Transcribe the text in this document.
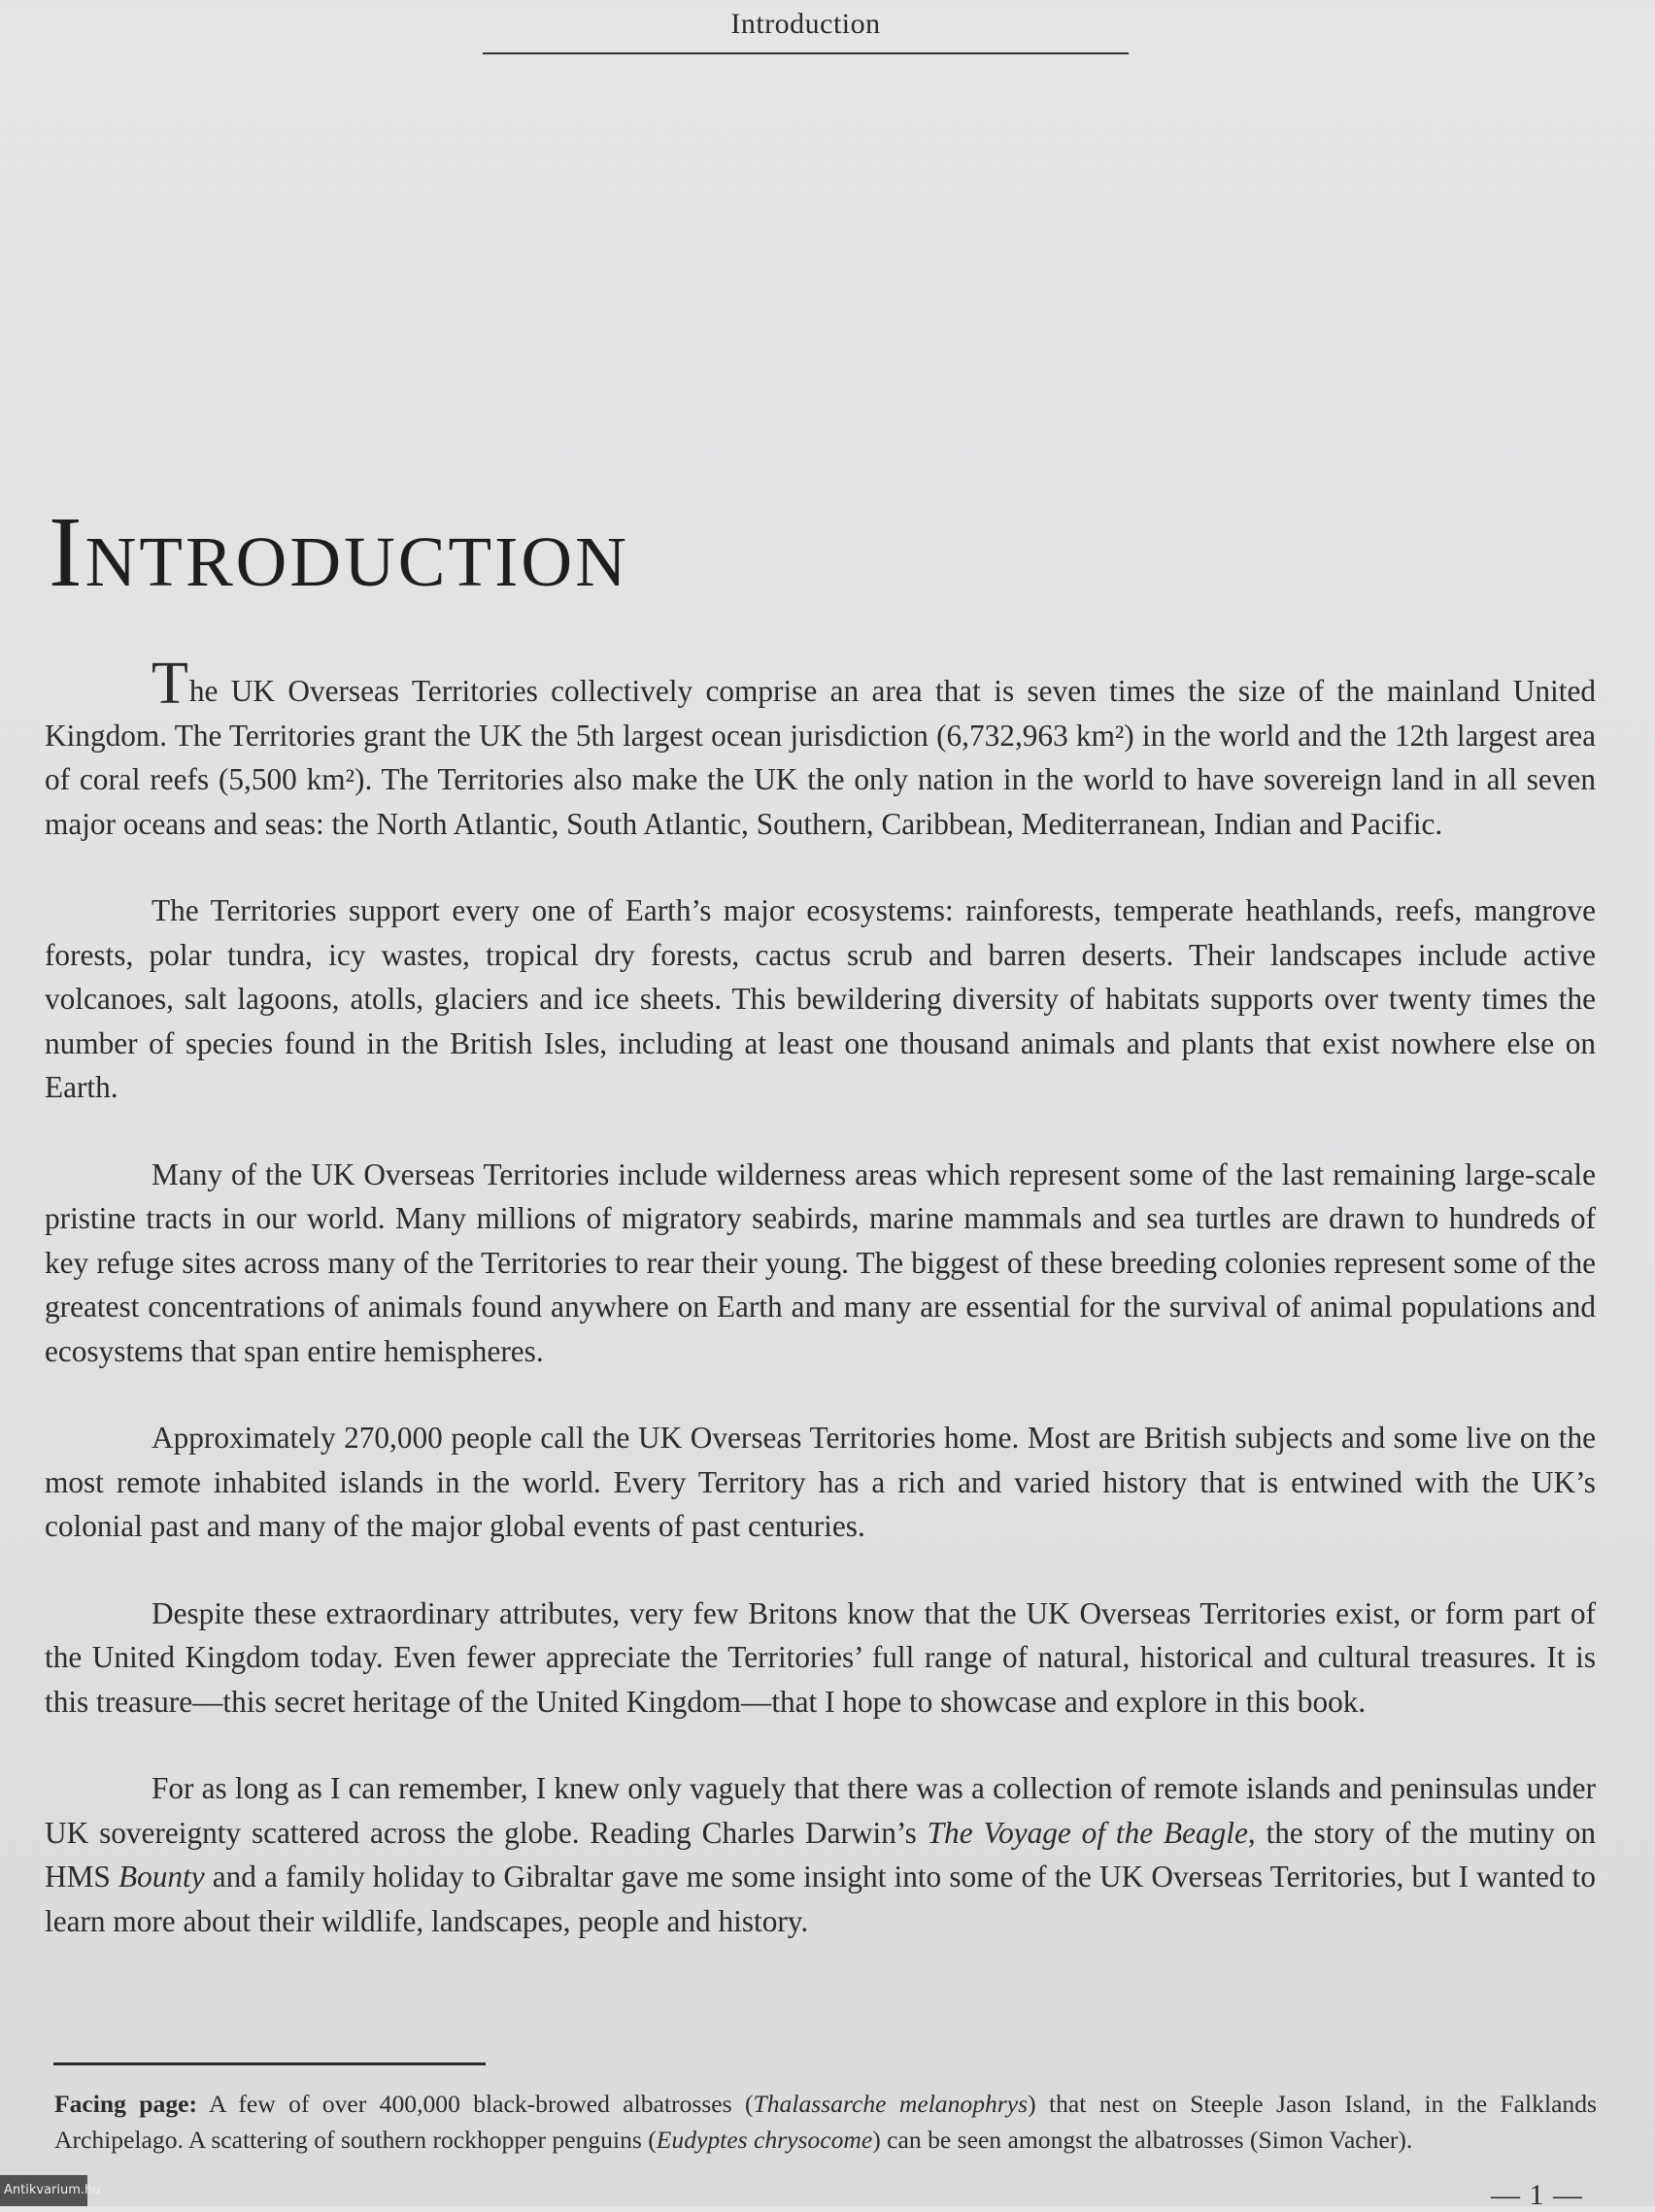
Introduction
Introduction

The UK Overseas Territories collectively comprise an area that is seven times the size of the mainland United Kingdom. The Territories grant the UK the 5th largest ocean jurisdiction (6,732,963 km²) in the world and the 12th largest area of coral reefs (5,500 km²). The Territories also make the UK the only nation in the world to have sovereign land in all seven major oceans and seas: the North Atlantic, South Atlantic, Southern, Caribbean, Mediterranean, Indian and Pacific.

The Territories support every one of Earth’s major ecosystems: rainforests, temperate heathlands, reefs, mangrove forests, polar tundra, icy wastes, tropical dry forests, cactus scrub and barren deserts. Their landscapes include active volcanoes, salt lagoons, atolls, glaciers and ice sheets. This bewildering diversity of habitats supports over twenty times the number of species found in the British Isles, including at least one thousand animals and plants that exist nowhere else on Earth.

Many of the UK Overseas Territories include wilderness areas which represent some of the last remaining large-scale pristine tracts in our world. Many millions of migratory seabirds, marine mammals and sea turtles are drawn to hundreds of key refuge sites across many of the Territories to rear their young. The biggest of these breeding colonies represent some of the greatest concentrations of animals found anywhere on Earth and many are essential for the survival of animal populations and ecosystems that span entire hemispheres.

Approximately 270,000 people call the UK Overseas Territories home. Most are British subjects and some live on the most remote inhabited islands in the world. Every Territory has a rich and varied history that is entwined with the UK’s colonial past and many of the major global events of past centuries.

Despite these extraordinary attributes, very few Britons know that the UK Overseas Territories exist, or form part of the United Kingdom today. Even fewer appreciate the Territories’ full range of natural, historical and cultural treasures. It is this treasure—this secret heritage of the United Kingdom—that I hope to showcase and explore in this book.

For as long as I can remember, I knew only vaguely that there was a collection of remote islands and peninsulas under UK sovereignty scattered across the globe. Reading Charles Darwin’s The Voyage of the Beagle, the story of the mutiny on HMS Bounty and a family holiday to Gibraltar gave me some insight into some of the UK Overseas Territories, but I wanted to learn more about their wildlife, landscapes, people and history.

Facing page: A few of over 400,000 black-browed albatrosses (Thalassarche melanophrys) that nest on Steeple Jason Island, in the Falklands Archipelago. A scattering of southern rockhopper penguins (Eudyptes chrysocome) can be seen amongst the albatrosses (Simon Vacher).

Antikvarium.hu	— 1 —
